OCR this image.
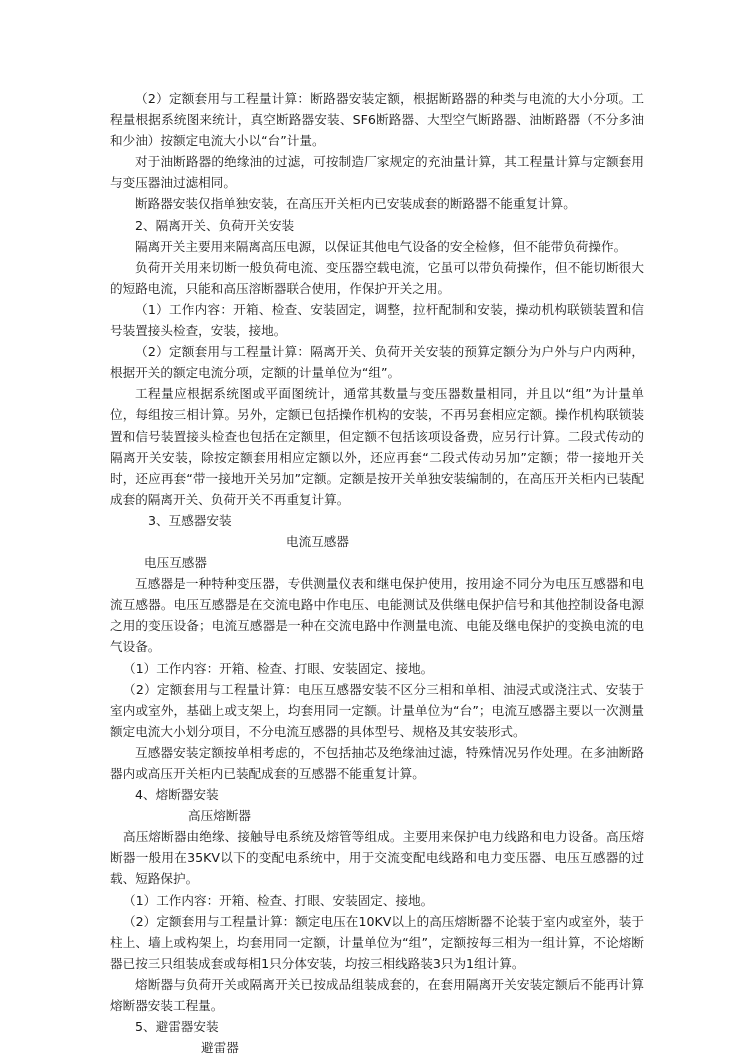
（2）定额套用与工程量计算：断路器安装定额，根据断路器的种类与电流的大小分项。工程量根据系统图来统计，真空断路器安装、SF6断路器、大型空气断路器、油断路器（不分多油和少油）按额定电流大小以“台”计量。

对于油断路器的绝缘油的过滤，可按制造厂家规定的充油量计算，其工程量计算与定额套用与变压器油过滤相同。

断路器安装仅指单独安装，在高压开关柜内已安装成套的断路器不能重复计算。

2、隔离开关、负荷开关安装

隔离开关主要用来隔离高压电源，以保证其他电气设备的安全检修，但不能带负荷操作。

负荷开关用来切断一般负荷电流、变压器空载电流，它虽可以带负荷操作，但不能切断很大的短路电流，只能和高压溶断器联合使用，作保护开关之用。

（1）工作内容：开箱、检查、安装固定，调整，拉杆配制和安装，操动机构联锁装置和信号装置接头检查，安装，接地。

（2）定额套用与工程量计算：隔离开关、负荷开关安装的预算定额分为户外与户内两种，根据开关的额定电流分项，定额的计量单位为“组”。

工程量应根据系统图或平面图统计，通常其数量与变压器数量相同，并且以“组”为计量单位，每组按三相计算。另外，定额已包括操作机构的安装，不再另套相应定额。操作机构联锁装置和信号装置接头检查也包括在定额里，但定额不包括该项设备费，应另行计算。二段式传动的隔离开关安装，除按定额套用相应定额以外，还应再套“二段式传动另加”定额；带一接地开关时，还应再套“带一接地开关另加”定额。定额是按开关单独安装编制的，在高压开关柜内已装配成套的隔离开关、负荷开关不再重复计算。

3、互感器安装

电流互感器

电压互感器

互感器是一种特种变压器，专供测量仪表和继电保护使用，按用途不同分为电压互感器和电流互感器。电压互感器是在交流电路中作电压、电能测试及供继电保护信号和其他控制设备电源之用的变压设备；电流互感器是一种在交流电路中作测量电流、电能及继电保护的变换电流的电气设备。

（1）工作内容：开箱、检查、打眼、安装固定、接地。

（2）定额套用与工程量计算：电压互感器安装不区分三相和单相、油浸式或浇注式、安装于室内或室外，基础上或支架上，均套用同一定额。计量单位为“台”；电流互感器主要以一次测量额定电流大小划分项目，不分电流互感器的具体型号、规格及其安装形式。

互感器安装定额按单相考虑的，不包括抽芯及绝缘油过滤，特殊情况另作处理。在多油断路器内或高压开关柜内已装配成套的互感器不能重复计算。

4、熔断器安装

高压熔断器

高压熔断器由绝缘、接触导电系统及熔管等组成。主要用来保护电力线路和电力设备。高压熔断器一般用在35KV以下的变配电系统中，用于交流变配电线路和电力变压器、电压互感器的过载、短路保护。

（1）工作内容：开箱、检查、打眼、安装固定、接地。

（2）定额套用与工程量计算：额定电压在10KV以上的高压熔断器不论装于室内或室外，装于柱上、墙上或构架上，均套用同一定额，计量单位为“组”，定额按每三相为一组计算，不论熔断器已按三只组装成套或每相1只分体安装，均按三相线路装3只为1组计算。

熔断器与负荷开关或隔离开关已按成品组装成套的，在套用隔离开关安装定额后不能再计算熔断器安装工程量。

5、避雷器安装

避雷器
